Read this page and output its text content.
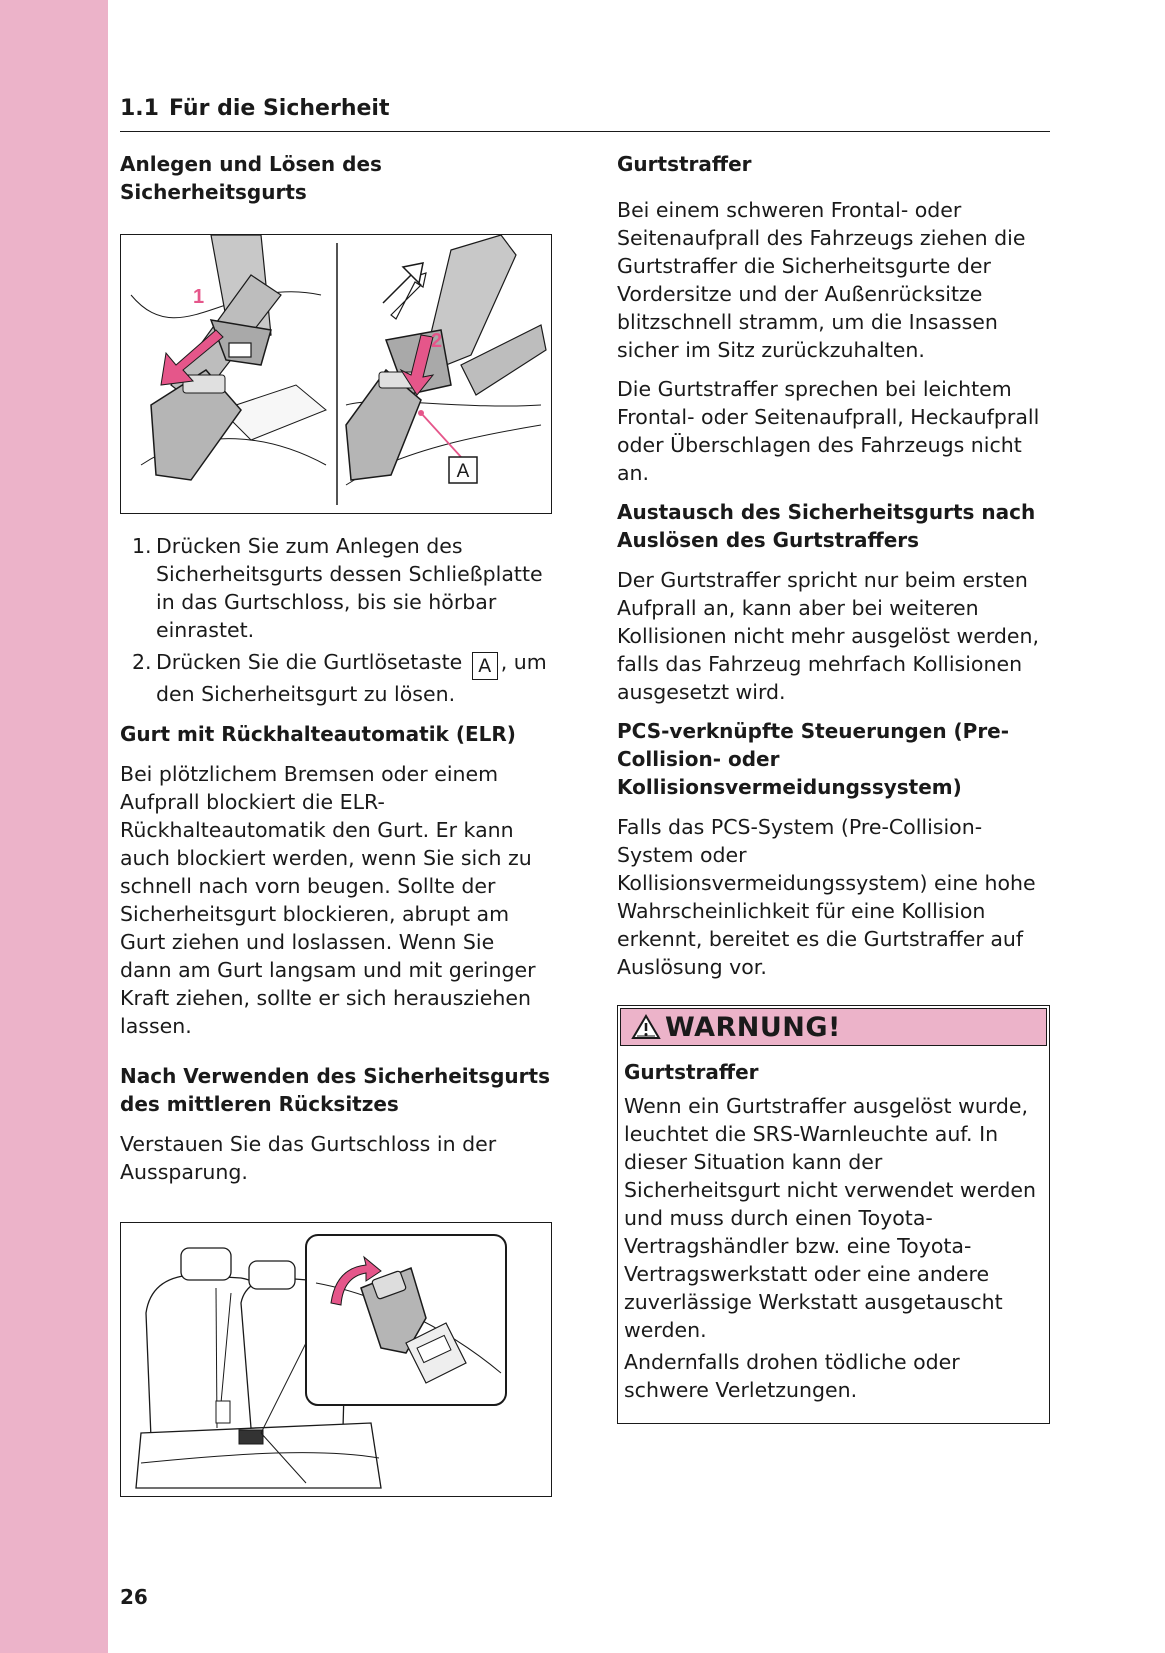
1.1 Für die Sicherheit

Anlegen und Lösen des Sicherheitsgurts

1
2
A
1. Drücken Sie zum Anlegen des Sicherheitsgurts dessen Schließplatte in das Gurtschloss, bis sie hörbar einrastet.
2. Drücken Sie die Gurtlösetaste A , um den Sicherheitsgurt zu lösen.

Gurt mit Rückhalteautomatik (ELR)

Bei plötzlichem Bremsen oder einem Aufprall blockiert die ELR-Rückhalteautomatik den Gurt. Er kann auch blockiert werden, wenn Sie sich zu schnell nach vorn beugen. Sollte der Sicherheitsgurt blockieren, abrupt am Gurt ziehen und loslassen. Wenn Sie dann am Gurt langsam und mit geringer Kraft ziehen, sollte er sich herausziehen lassen.

Nach Verwenden des Sicherheitsgurts des mittleren Rücksitzes

Verstauen Sie das Gurtschloss in der Aussparung.

Gurtstraffer

Bei einem schweren Frontal- oder Seitenaufprall des Fahrzeugs ziehen die Gurtstraffer die Sicherheitsgurte der Vordersitze und der Außenrücksitze blitzschnell stramm, um die Insassen sicher im Sitz zurückzuhalten.

Die Gurtstraffer sprechen bei leichtem Frontal- oder Seitenaufprall, Heckaufprall oder Überschlagen des Fahrzeugs nicht an.

Austausch des Sicherheitsgurts nach Auslösen des Gurtstraffers

Der Gurtstraffer spricht nur beim ersten Aufprall an, kann aber bei weiteren Kollisionen nicht mehr ausgelöst werden, falls das Fahrzeug mehrfach Kollisionen ausgesetzt wird.

PCS-verknüpfte Steuerungen (Pre-Collision- oder Kollisionsvermeidungssystem)

Falls das PCS-System (Pre-Collision-System oder Kollisionsvermeidungssystem) eine hohe Wahrscheinlichkeit für eine Kollision erkennt, bereitet es die Gurtstraffer auf Auslösung vor.

WARNUNG!

Gurtstraffer

Wenn ein Gurtstraffer ausgelöst wurde, leuchtet die SRS-Warnleuchte auf. In dieser Situation kann der Sicherheitsgurt nicht verwendet werden und muss durch einen Toyota-Vertragshändler bzw. eine Toyota-Vertragswerkstatt oder eine andere zuverlässige Werkstatt ausgetauscht werden.

Andernfalls drohen tödliche oder schwere Verletzungen.

26
